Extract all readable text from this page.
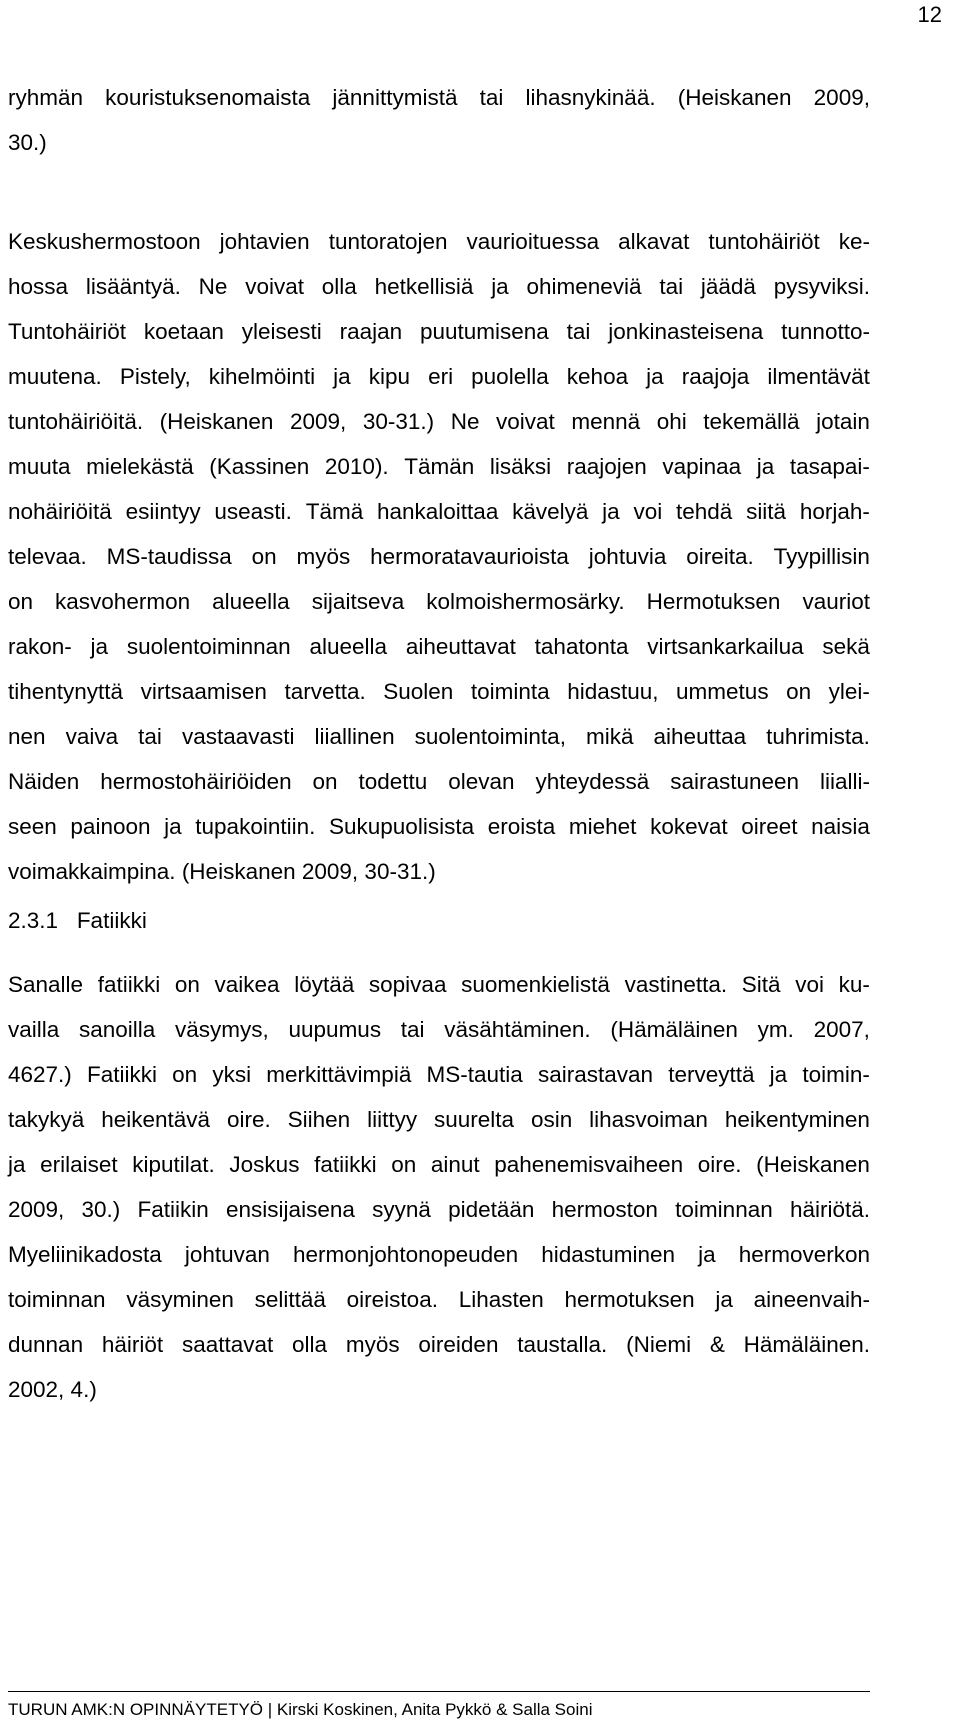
12
ryhmän kouristuksenomaista jännittymistä tai lihasnykinää. (Heiskanen 2009,
30.)
Keskushermostoon johtavien tuntoratojen vaurioituessa alkavat tuntohäiriöt ke-
hossa lisääntyä. Ne voivat olla hetkellisiä ja ohimeneviä tai jäädä pysyviksi.
Tuntohäiriöt koetaan yleisesti raajan puutumisena tai jonkinasteisena tunnotto-
muutena. Pistely, kihelmöinti ja kipu eri puolella kehoa ja raajoja ilmentävät
tuntohäiriöitä. (Heiskanen 2009, 30-31.) Ne voivat mennä ohi tekemällä jotain
muuta mielekästä (Kassinen 2010). Tämän lisäksi raajojen vapinaa ja tasapai-
nohäiriöitä esiintyy useasti. Tämä hankaloittaa kävelyä ja voi tehdä siitä horjah-
televaa. MS-taudissa on myös hermoratavaurioista johtuvia oireita. Tyypillisin
on kasvohermon alueella sijaitseva kolmoishermosärky. Hermotuksen vauriot
rakon- ja suolentoiminnan alueella aiheuttavat tahatonta virtsankarkailua sekä
tihentynyttä virtsaamisen tarvetta. Suolen toiminta hidastuu, ummetus on ylei-
nen vaiva tai vastaavasti liiallinen suolentoiminta, mikä aiheuttaa tuhrimista.
Näiden hermostohäiriöiden on todettu olevan yhteydessä sairastuneen liialli-
seen painoon ja tupakointiin. Sukupuolisista eroista miehet kokevat oireet naisia
voimakkaimpina. (Heiskanen 2009, 30-31.)
2.3.1 Fatiikki
Sanalle fatiikki on vaikea löytää sopivaa suomenkielistä vastinetta. Sitä voi ku-
vailla sanoilla väsymys, uupumus tai väsähtäminen. (Hämäläinen ym. 2007,
4627.) Fatiikki on yksi merkittävimpiä MS-tautia sairastavan terveyttä ja toimin-
takykyä heikentävä oire. Siihen liittyy suurelta osin lihasvoiman heikentyminen
ja erilaiset kiputilat. Joskus fatiikki on ainut pahenemisvaiheen oire. (Heiskanen
2009, 30.) Fatiikin ensisijaisena syynä pidetään hermoston toiminnan häiriötä.
Myeliinikadosta johtuvan hermonjohtonopeuden hidastuminen ja hermoverkon
toiminnan väsyminen selittää oireistoa. Lihasten hermotuksen ja aineenvaih-
dunnan häiriöt saattavat olla myös oireiden taustalla. (Niemi & Hämäläinen.
2002, 4.)
TURUN AMK:N OPINNÄYTETYÖ | Kirski Koskinen, Anita Pykkö & Salla Soini
